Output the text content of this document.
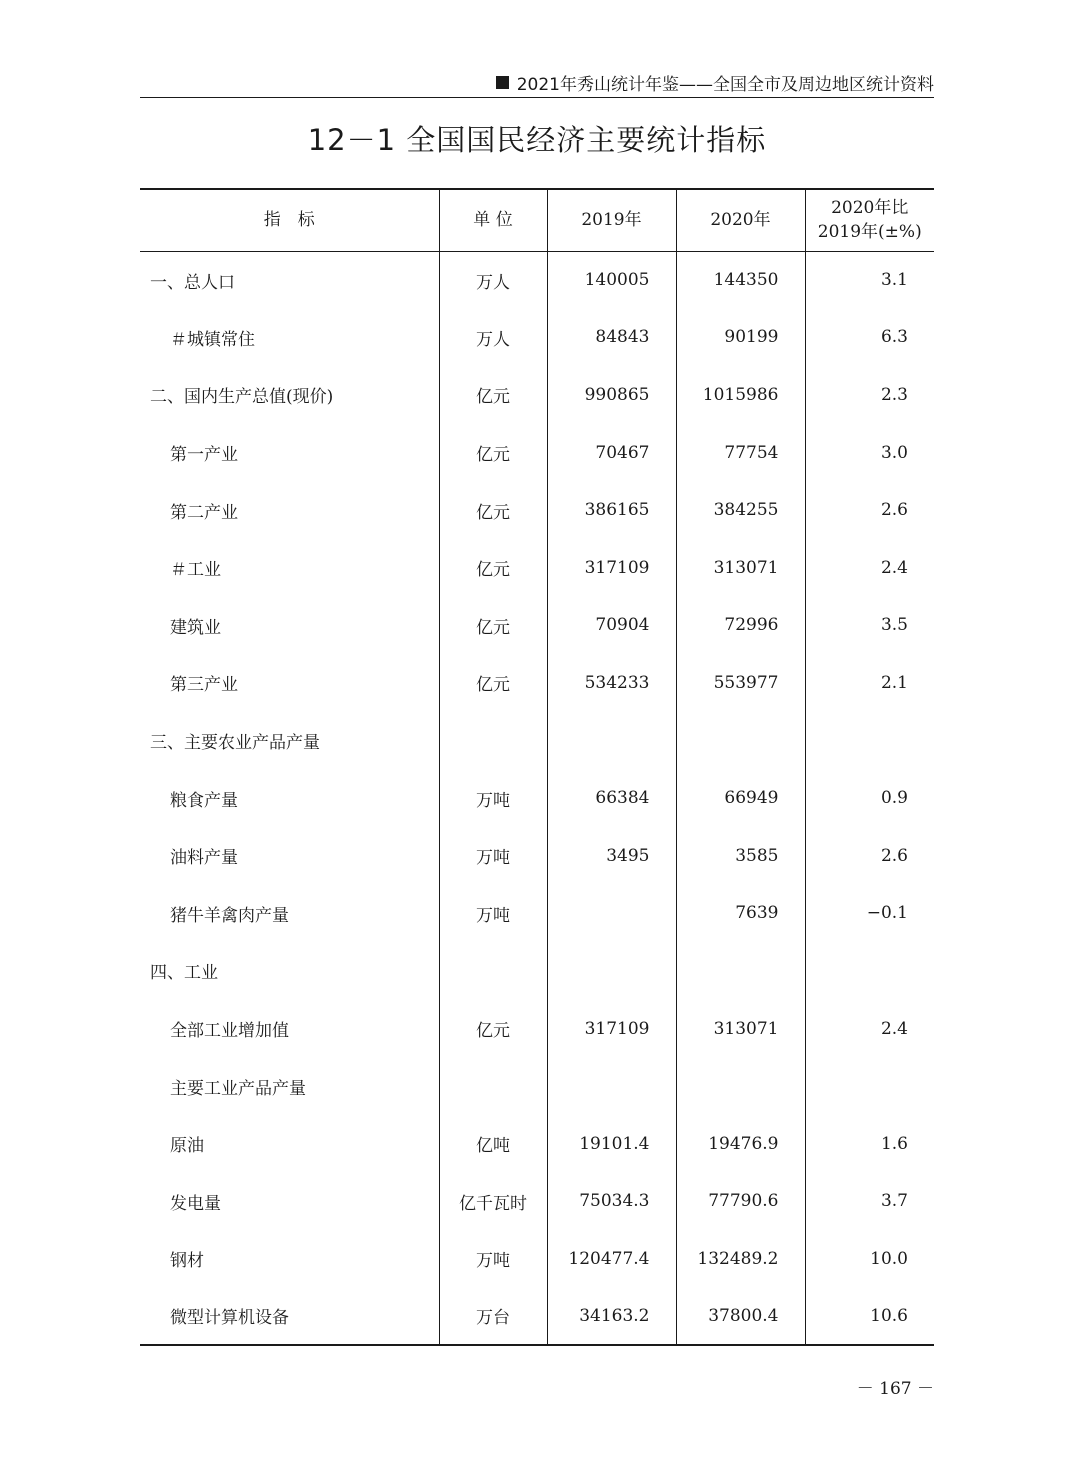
2021年秀山统计年鉴——全国全市及周边地区统计资料
12－1 全国国民经济主要统计指标
指　标	单 位	2019年	2020年	2020年比
2019年(±%)

一、总人口	万人	140005	144350	3.1
＃城镇常住	万人	84843	90199	6.3
二、国内生产总值(现价)	亿元	990865	1015986	2.3
第一产业	亿元	70467	77754	3.0
第二产业	亿元	386165	384255	2.6
＃工业	亿元	317109	313071	2.4
建筑业	亿元	70904	72996	3.5
第三产业	亿元	534233	553977	2.1
三、主要农业产品产量				
粮食产量	万吨	66384	66949	0.9
油料产量	万吨	3495	3585	2.6
猪牛羊禽肉产量	万吨		7639	−0.1
四、工业				
全部工业增加值	亿元	317109	313071	2.4
主要工业产品产量				
原油	亿吨	19101.4	19476.9	1.6
发电量	亿千瓦时	75034.3	77790.6	3.7
钢材	万吨	120477.4	132489.2	10.0
微型计算机设备	万台	34163.2	37800.4	10.6
－ 167 －
